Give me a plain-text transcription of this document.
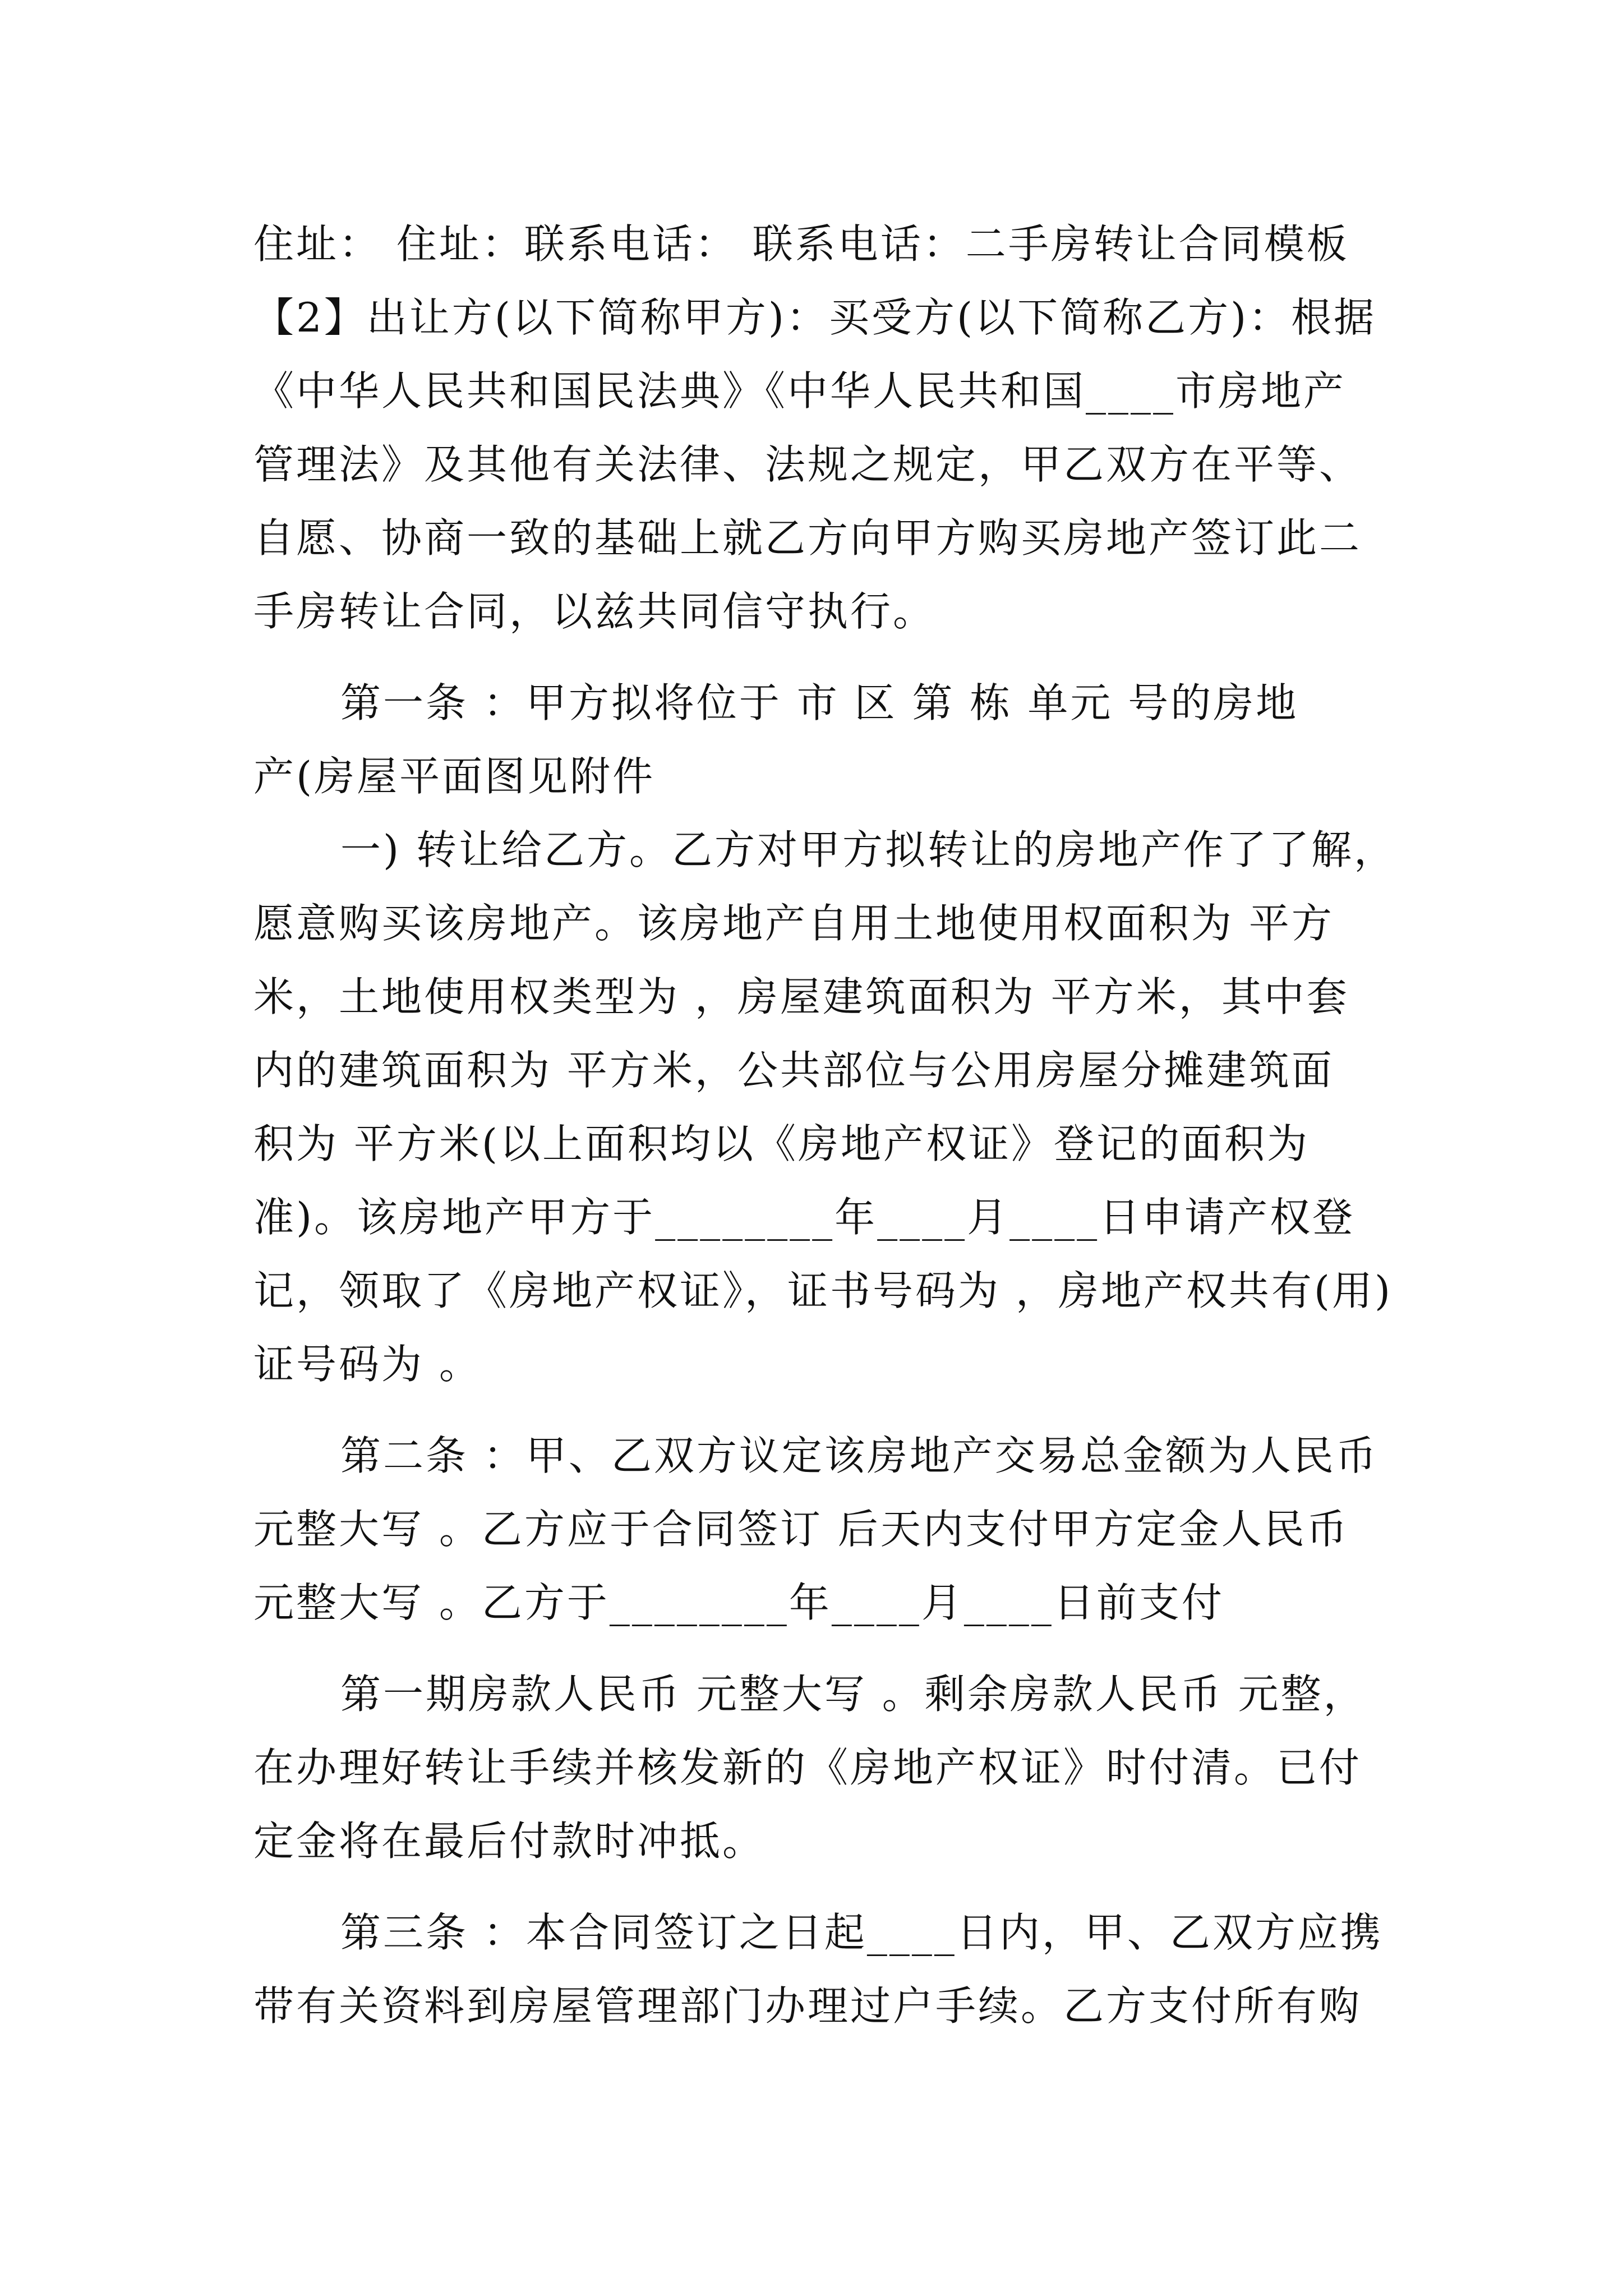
住址： 住址：联系电话： 联系电话：二手房转让合同模板
【2】出让方(以下简称甲方)：买受方(以下简称乙方)：根据
《中华人民共和国民法典》《中华人民共和国____市房地产
管理法》及其他有关法律、法规之规定，甲乙双方在平等、
自愿、协商一致的基础上就乙方向甲方购买房地产签订此二
手房转让合同，以兹共同信守执行。
第一条 ：甲方拟将位于 市 区 第 栋 单元 号的房地
产(房屋平面图见附件
一) 转让给乙方。乙方对甲方拟转让的房地产作了了解，
愿意购买该房地产。该房地产自用土地使用权面积为 平方
米，土地使用权类型为 ，房屋建筑面积为 平方米，其中套
内的建筑面积为 平方米，公共部位与公用房屋分摊建筑面
积为 平方米(以上面积均以《房地产权证》登记的面积为
准)。该房地产甲方于________年____月____日申请产权登
记，领取了《房地产权证》，证书号码为 ，房地产权共有(用)
证号码为 。
第二条 ：甲、乙双方议定该房地产交易总金额为人民币
元整大写 。乙方应于合同签订 后天内支付甲方定金人民币
元整大写 。乙方于________年____月____日前支付
第一期房款人民币 元整大写 。剩余房款人民币 元整，
在办理好转让手续并核发新的《房地产权证》时付清。已付
定金将在最后付款时冲抵。
第三条 ：本合同签订之日起____日内，甲、乙双方应携
带有关资料到房屋管理部门办理过户手续。乙方支付所有购
